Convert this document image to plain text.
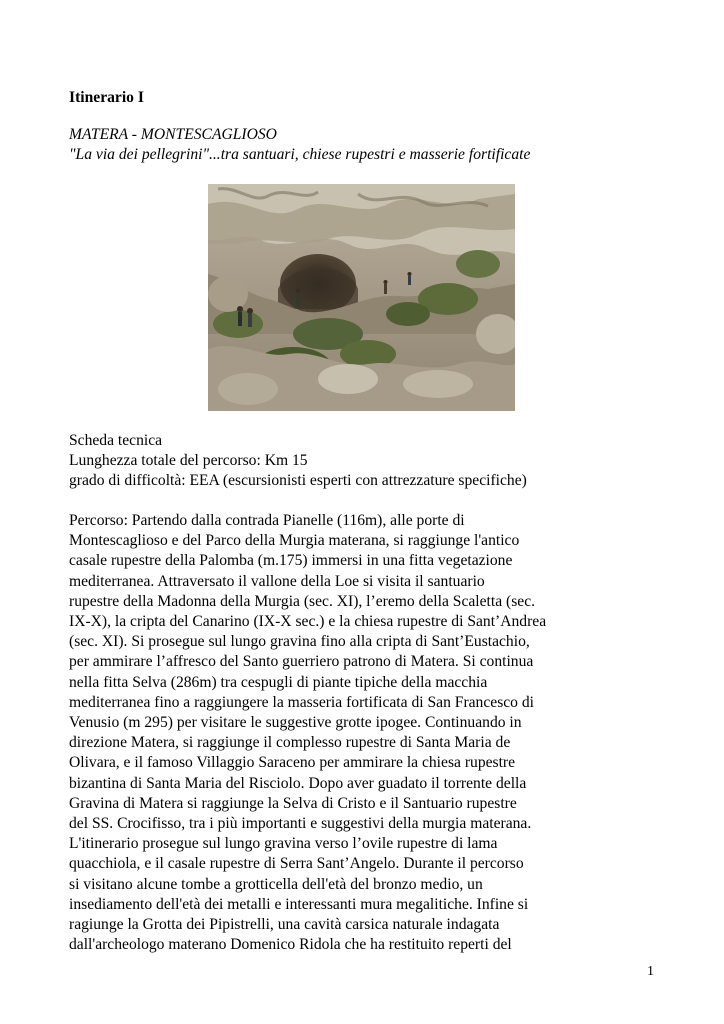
Itinerario I

MATERA - MONTESCAGLIOSO

"La via dei pellegrini"...tra santuari, chiese rupestri e masserie fortificate

Scheda tecnica
Lunghezza totale del percorso: Km 15
grado di difficoltà: EEA (escursionisti esperti con attrezzature specifiche)
Percorso: Partendo dalla contrada Pianelle (116m), alle porte di
Montescaglioso e del Parco della Murgia materana, si raggiunge l'antico
casale rupestre della Palomba (m.175) immersi in una fitta vegetazione
mediterranea. Attraversato il vallone della Loe si visita il santuario
rupestre della Madonna della Murgia (sec. XI), l’eremo della Scaletta (sec.
IX-X), la cripta del Canarino (IX-X sec.) e la chiesa rupestre di Sant’Andrea
(sec. XI). Si prosegue sul lungo gravina fino alla cripta di Sant’Eustachio,
per ammirare l’affresco del Santo guerriero patrono di Matera. Si continua
nella fitta Selva (286m) tra cespugli di piante tipiche della macchia
mediterranea fino a raggiungere la masseria fortificata di San Francesco di
Venusio (m 295) per visitare le suggestive grotte ipogee. Continuando in
direzione Matera, si raggiunge il complesso rupestre di Santa Maria de
Olivara, e il famoso Villaggio Saraceno per ammirare la chiesa rupestre
bizantina di Santa Maria del Risciolo. Dopo aver guadato il torrente della
Gravina di Matera si raggiunge la Selva di Cristo e il Santuario rupestre
del SS. Crocifisso, tra i più importanti e suggestivi della murgia materana.
L'itinerario prosegue sul lungo gravina verso l’ovile rupestre di lama
quacchiola, e il casale rupestre di Serra Sant’Angelo. Durante il percorso
si visitano alcune tombe a grotticella dell'età del bronzo medio, un
insediamento dell'età dei metalli e interessanti mura megalitiche. Infine si
ragiunge la Grotta dei Pipistrelli, una cavità carsica naturale indagata
dall'archeologo materano Domenico Ridola che ha restituito reperti del
1
